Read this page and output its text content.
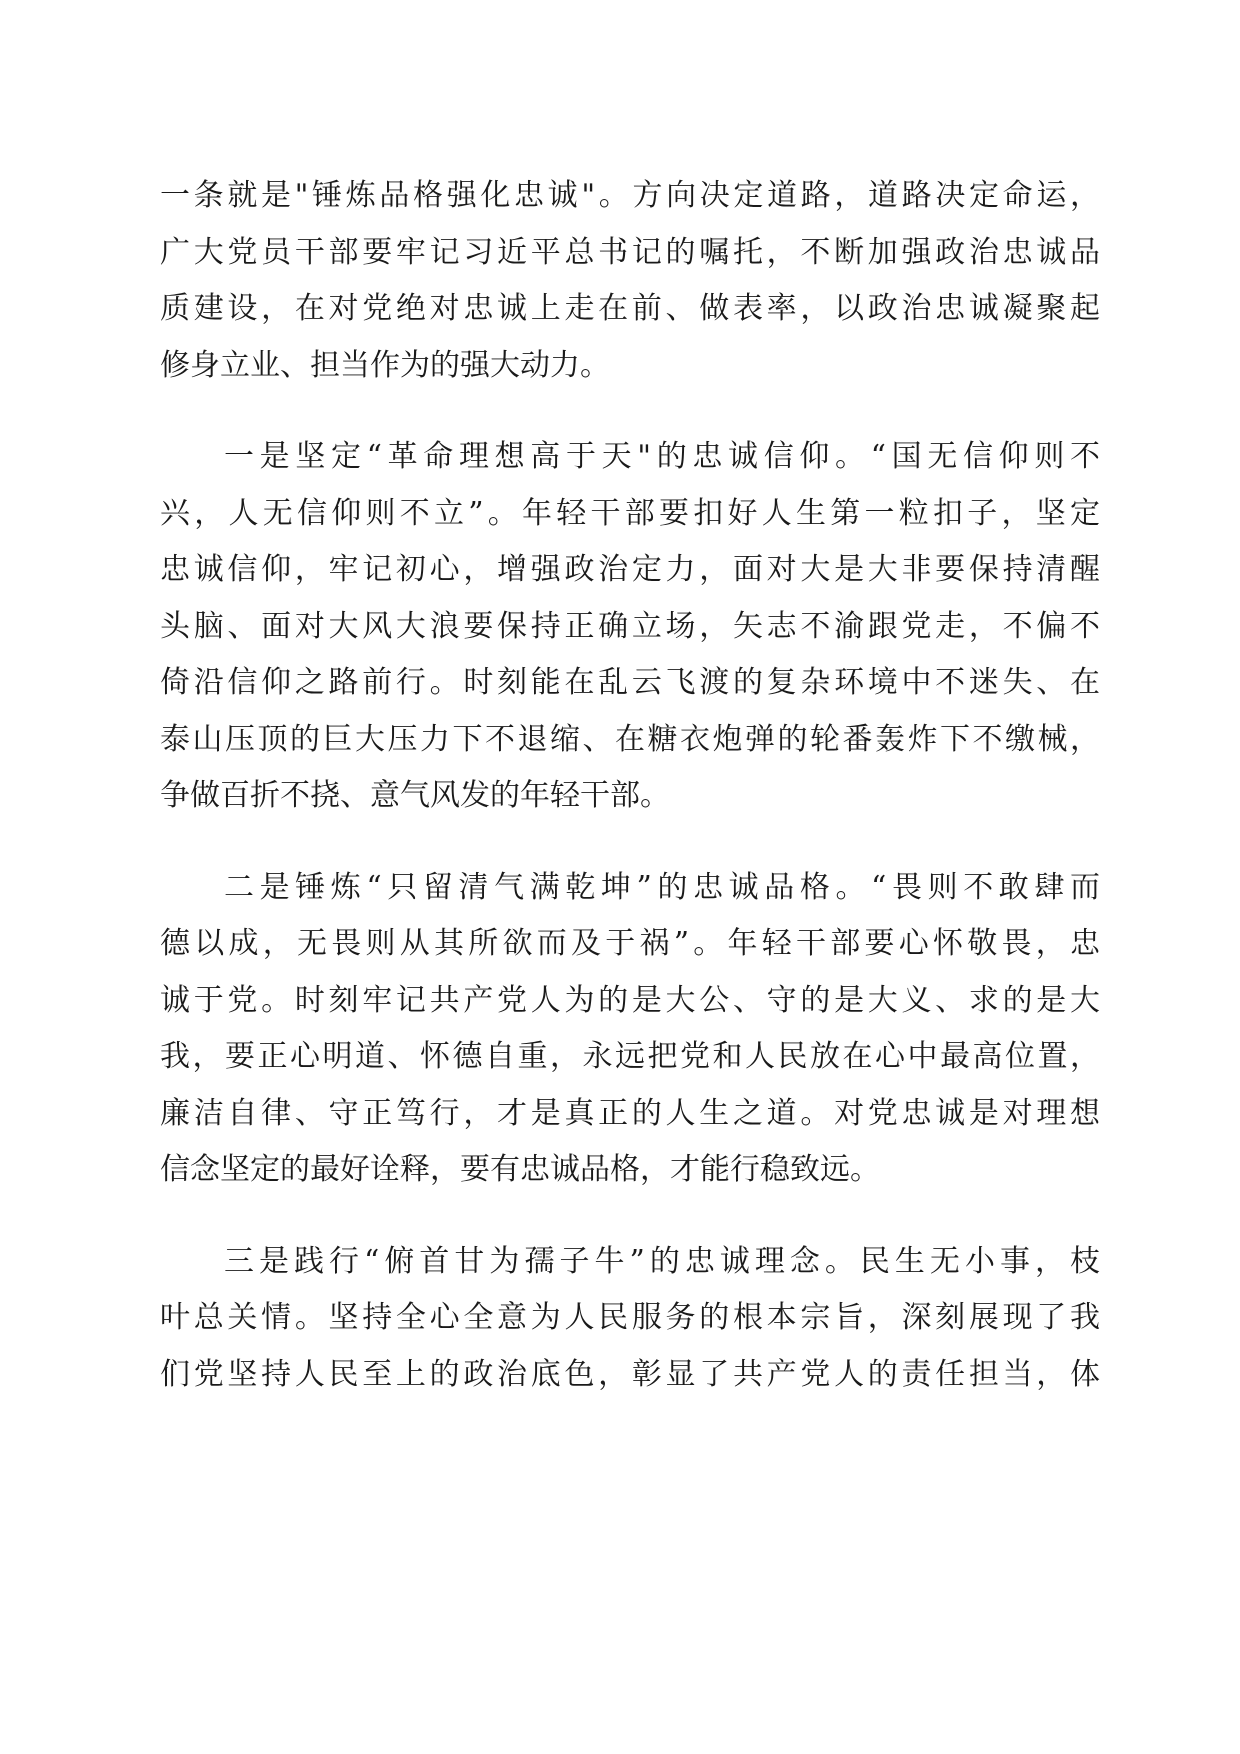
一条就是"锤炼品格强化忠诚"。方向决定道路，道路决定命运，
广大党员干部要牢记习近平总书记的嘱托，不断加强政治忠诚品
质建设，在对党绝对忠诚上走在前、做表率，以政治忠诚凝聚起
修身立业、担当作为的强大动力。

一是坚定“革命理想高于天"的忠诚信仰。“国无信仰则不
兴，人无信仰则不立”。年轻干部要扣好人生第一粒扣子，坚定
忠诚信仰，牢记初心，增强政治定力，面对大是大非要保持清醒
头脑、面对大风大浪要保持正确立场，矢志不渝跟党走，不偏不
倚沿信仰之路前行。时刻能在乱云飞渡的复杂环境中不迷失、在
泰山压顶的巨大压力下不退缩、在糖衣炮弹的轮番轰炸下不缴械，
争做百折不挠、意气风发的年轻干部。

二是锤炼“只留清气满乾坤”的忠诚品格。“畏则不敢肆而
德以成，无畏则从其所欲而及于祸”。年轻干部要心怀敬畏，忠
诚于党。时刻牢记共产党人为的是大公、守的是大义、求的是大
我，要正心明道、怀德自重，永远把党和人民放在心中最高位置，
廉洁自律、守正笃行，才是真正的人生之道。对党忠诚是对理想
信念坚定的最好诠释，要有忠诚品格，才能行稳致远。

三是践行“俯首甘为孺子牛”的忠诚理念。民生无小事，枝
叶总关情。坚持全心全意为人民服务的根本宗旨，深刻展现了我
们党坚持人民至上的政治底色，彰显了共产党人的责任担当，体
